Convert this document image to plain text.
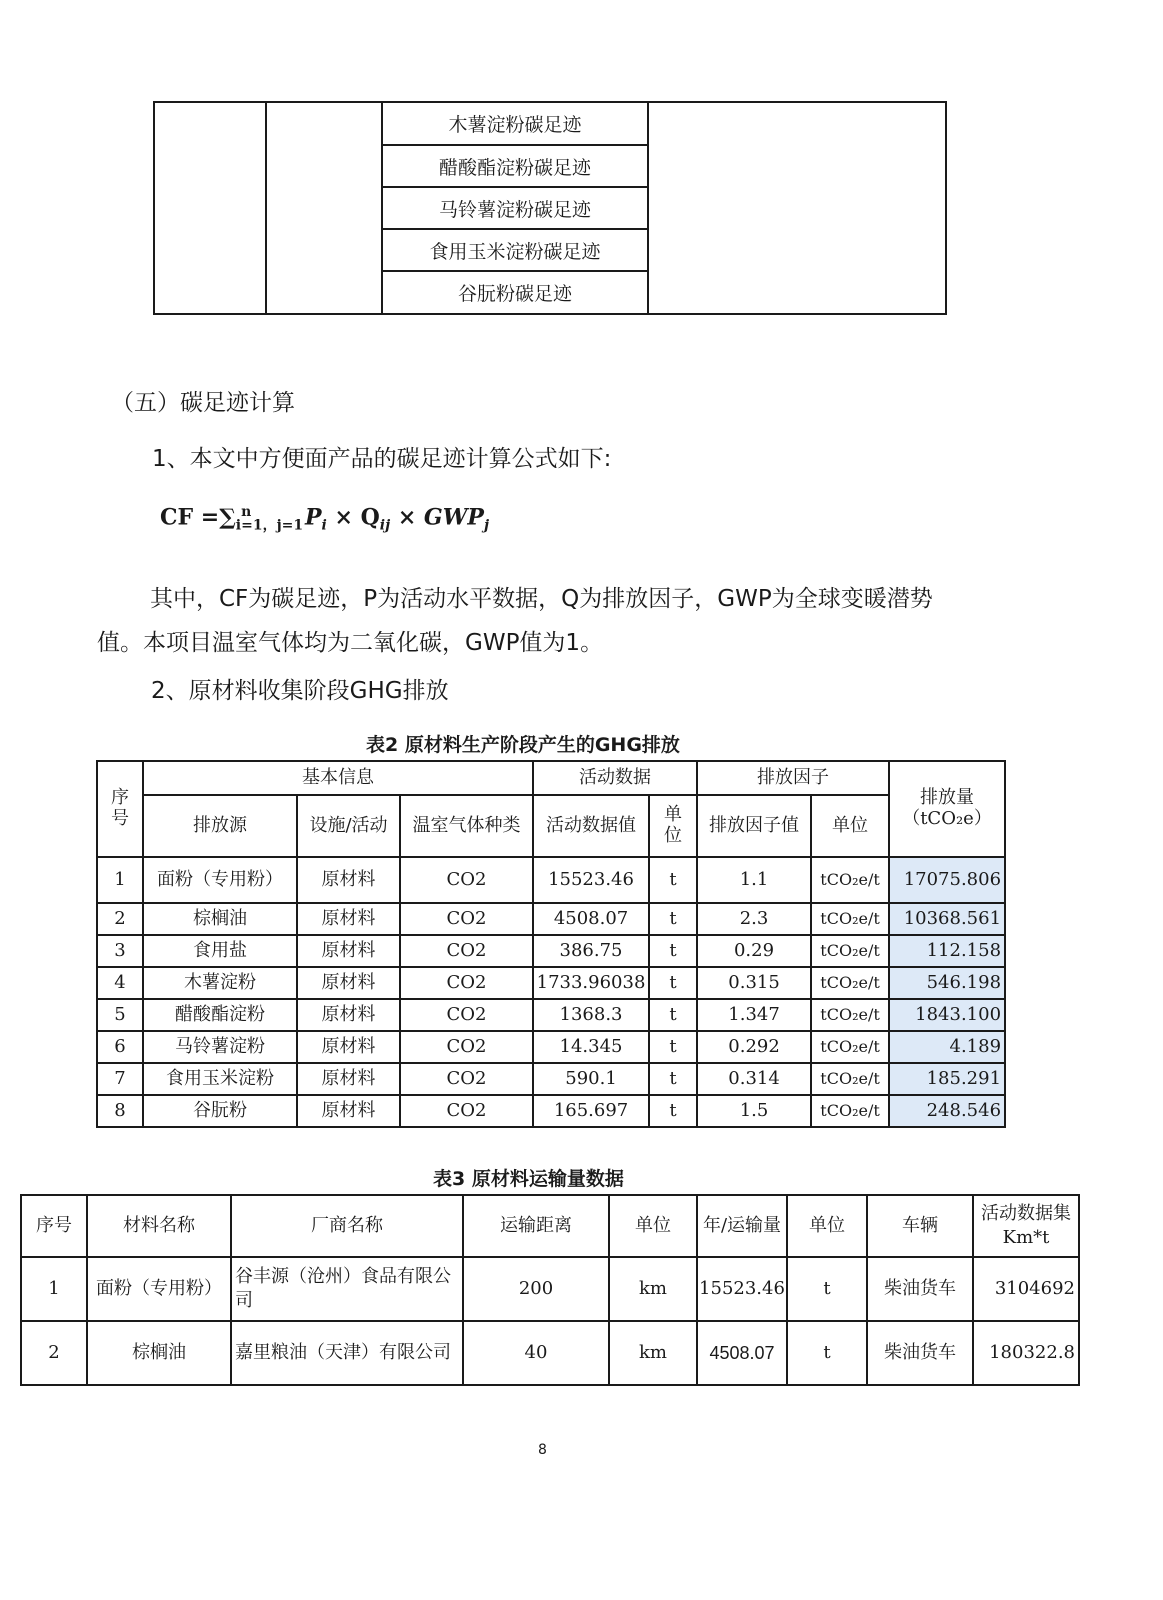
		木薯淀粉碳足迹	
醋酸酯淀粉碳足迹
马铃薯淀粉碳足迹
食用玉米淀粉碳足迹
谷朊粉碳足迹
（五）碳足迹计算
1、本文中方便面产品的碳足迹计算公式如下:
CF $=\sum_{i=1,j=1}^n$ $P_i \times Q_{ij} \times GWP_j$
其中，CF为碳足迹，P为活动水平数据，Q为排放因子，GWP为全球变暖潜势
值。本项目温室气体均为二氧化碳，GWP值为1。
2、原材料收集阶段GHG排放
表2 原材料生产阶段产生的GHG排放
序号	基本信息			活动数据		排放因子		排放量（tCO₂e）
	排放源	设施/活动	温室气体种类	活动数据值	单位	排放因子值	单位	
1	面粉（专用粉）	原材料	CO2	15523.46	t	1.1	tCO₂e/t	17075.806
2	棕榈油	原材料	CO2	4508.07	t	2.3	tCO₂e/t	10368.561
3	食用盐	原材料	CO2	386.75	t	0.29	tCO₂e/t	112.158
4	木薯淀粉	原材料	CO2	1733.96038	t	0.315	tCO₂e/t	546.198
5	醋酸酯淀粉	原材料	CO2	1368.3	t	1.347	tCO₂e/t	1843.100
6	马铃薯淀粉	原材料	CO2	14.345	t	0.292	tCO₂e/t	4.189
7	食用玉米淀粉	原材料	CO2	590.1	t	0.314	tCO₂e/t	185.291
8	谷朊粉	原材料	CO2	165.697	t	1.5	tCO₂e/t	248.546
表3 原材料运输量数据
序号	材料名称	厂商名称	运输距离	单位	年/运输量	单位	车辆	活动数据集Km*t
1	面粉（专用粉）	谷丰源（沧州）食品有限公司	200	km	15523.46	t	柴油货车	3104692
2	棕榈油	嘉里粮油（天津）有限公司	40	km	4508.07	t	柴油货车	180322.8
8
